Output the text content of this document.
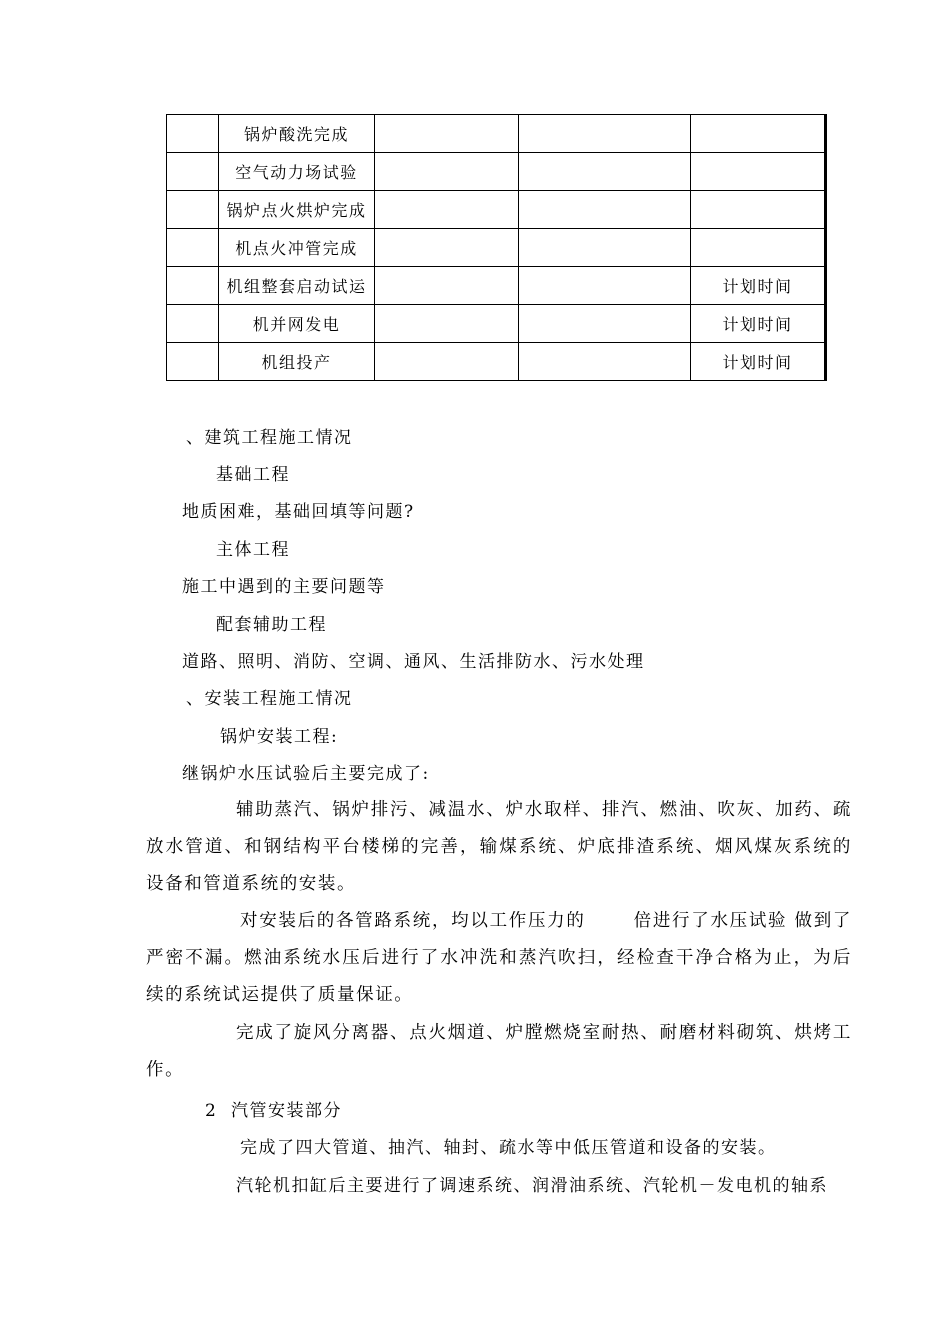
	锅炉酸洗完成			
	空气动力场试验			
	锅炉点火烘炉完成			
	机点火冲管完成			
	机组整套启动试运			计划时间
	机并网发电			计划时间
	机组投产			计划时间
、建筑工程施工情况
基础工程
地质困难，基础回填等问题?
主体工程
施工中遇到的主要问题等
配套辅助工程
道路、照明、消防、空调、通风、生活排防水、污水处理
、安装工程施工情况
锅炉安装工程:
继锅炉水压试验后主要完成了:

辅助蒸汽、锅炉排污、减温水、炉水取样、排汽、燃油、吹灰、加药、疏放水管道、和钢结构平台楼梯的完善，输煤系统、炉底排渣系统、烟风煤灰系统的设备和管道系统的安装。

对安装后的各管路系统，均以工作压力的	倍进行了水压试验 做到了严密不漏。燃油系统水压后进行了水冲洗和蒸汽吹扫，经检查干净合格为止，为后续的系统试运提供了质量保证。

完成了旋风分离器、点火烟道、炉膛燃烧室耐热、耐磨材料砌筑、烘烤工作。

2 汽管安装部分
完成了四大管道、抽汽、轴封、疏水等中低压管道和设备的安装。
汽轮机扣缸后主要进行了调速系统、润滑油系统、汽轮机－发电机的轴系
